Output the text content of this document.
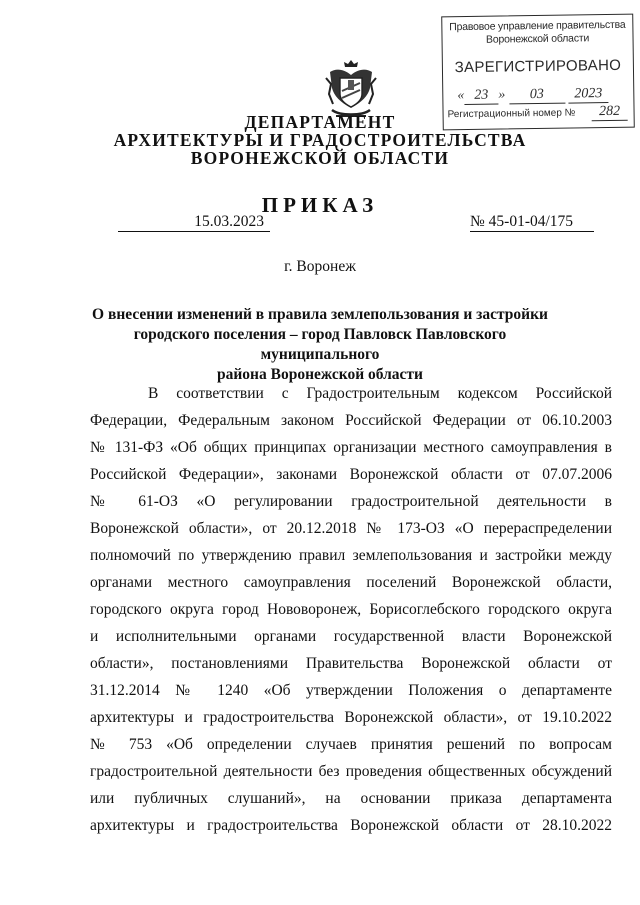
Правовое управление правительства
Воронежской области
ЗАРЕГИСТРИРОВАНО
« 23 » 03 2023
Регистрационный номер №	282
ДЕПАРТАМЕНТ
АРХИТЕКТУРЫ И ГРАДОСТРОИТЕЛЬСТВА
ВОРОНЕЖСКОЙ ОБЛАСТИ
ПРИКАЗ
15.03.2023	№ 45-01-04/175
г. Воронеж
О внесении изменений в правила землепользования и застройки
городского поселения – город Павловск Павловского муниципального
района Воронежской области
В соответствии с Градостроительным кодексом Российской
Федерации, Федеральным законом Российской Федерации от 06.10.2003
№ 131-ФЗ «Об общих принципах организации местного самоуправления в
Российской Федерации», законами Воронежской области от 07.07.2006
№ 61-ОЗ «О регулировании градостроительной деятельности в
Воронежской области», от 20.12.2018 № 173-ОЗ «О перераспределении
полномочий по утверждению правил землепользования и застройки между
органами местного самоуправления поселений Воронежской области,
городского округа город Нововоронеж, Борисоглебского городского округа
и исполнительными органами государственной власти Воронежской
области», постановлениями Правительства Воронежской области от
31.12.2014 № 1240 «Об утверждении Положения о департаменте
архитектуры и градостроительства Воронежской области», от 19.10.2022
№ 753 «Об определении случаев принятия решений по вопросам
градостроительной деятельности без проведения общественных обсуждений
или публичных слушаний», на основании приказа департамента
архитектуры и градостроительства Воронежской области от 28.10.2022
